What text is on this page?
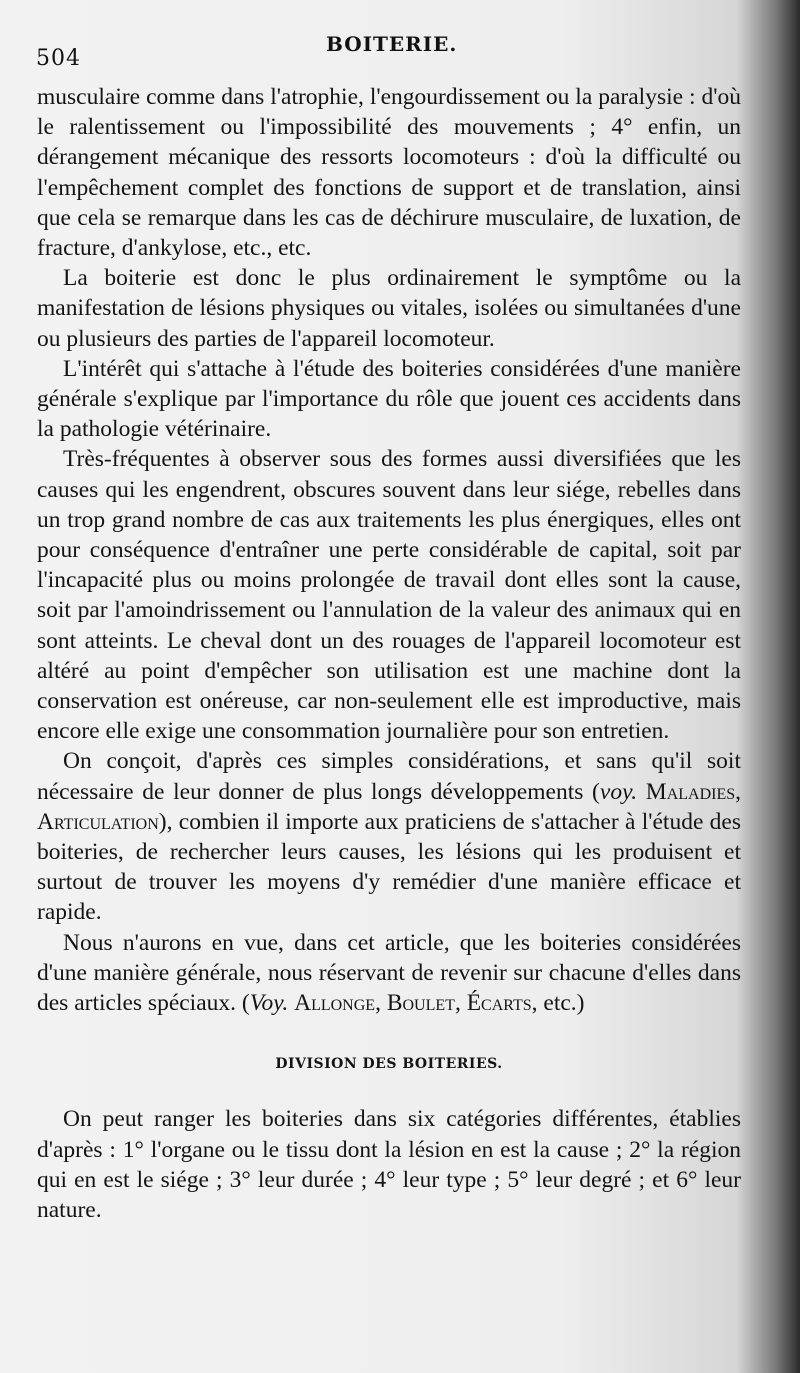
504
BOITERIE.

musculaire comme dans l'atrophie, l'engourdissement ou la paralysie : d'où le ralentissement ou l'impossibilité des mouvements ; 4° enfin, un dérangement mécanique des ressorts locomoteurs : d'où la difficulté ou l'empêchement complet des fonctions de support et de translation, ainsi que cela se remarque dans les cas de déchirure musculaire, de luxation, de fracture, d'ankylose, etc., etc.

La boiterie est donc le plus ordinairement le symptôme ou la manifestation de lésions physiques ou vitales, isolées ou simultanées d'une ou plusieurs des parties de l'appareil locomoteur.

L'intérêt qui s'attache à l'étude des boiteries considérées d'une manière générale s'explique par l'importance du rôle que jouent ces accidents dans la pathologie vétérinaire.

Très-fréquentes à observer sous des formes aussi diversifiées que les causes qui les engendrent, obscures souvent dans leur siége, rebelles dans un trop grand nombre de cas aux traitements les plus énergiques, elles ont pour conséquence d'entraîner une perte considérable de capital, soit par l'incapacité plus ou moins prolongée de travail dont elles sont la cause, soit par l'amoindrissement ou l'annulation de la valeur des animaux qui en sont atteints. Le cheval dont un des rouages de l'appareil locomoteur est altéré au point d'empêcher son utilisation est une machine dont la conservation est onéreuse, car non-seulement elle est improductive, mais encore elle exige une consommation journalière pour son entretien.

On conçoit, d'après ces simples considérations, et sans qu'il soit nécessaire de leur donner de plus longs développements (voy. Maladies, Articulation), combien il importe aux praticiens de s'attacher à l'étude des boiteries, de rechercher leurs causes, les lésions qui les produisent et surtout de trouver les moyens d'y remédier d'une manière efficace et rapide.

Nous n'aurons en vue, dans cet article, que les boiteries considérées d'une manière générale, nous réservant de revenir sur chacune d'elles dans des articles spéciaux. (Voy. Allonge, Boulet, Écarts, etc.)

DIVISION DES BOITERIES.

On peut ranger les boiteries dans six catégories différentes, établies d'après : 1° l'organe ou le tissu dont la lésion en est la cause ; 2° la région qui en est le siége ; 3° leur durée ; 4° leur type ; 5° leur degré ; et 6° leur nature.
